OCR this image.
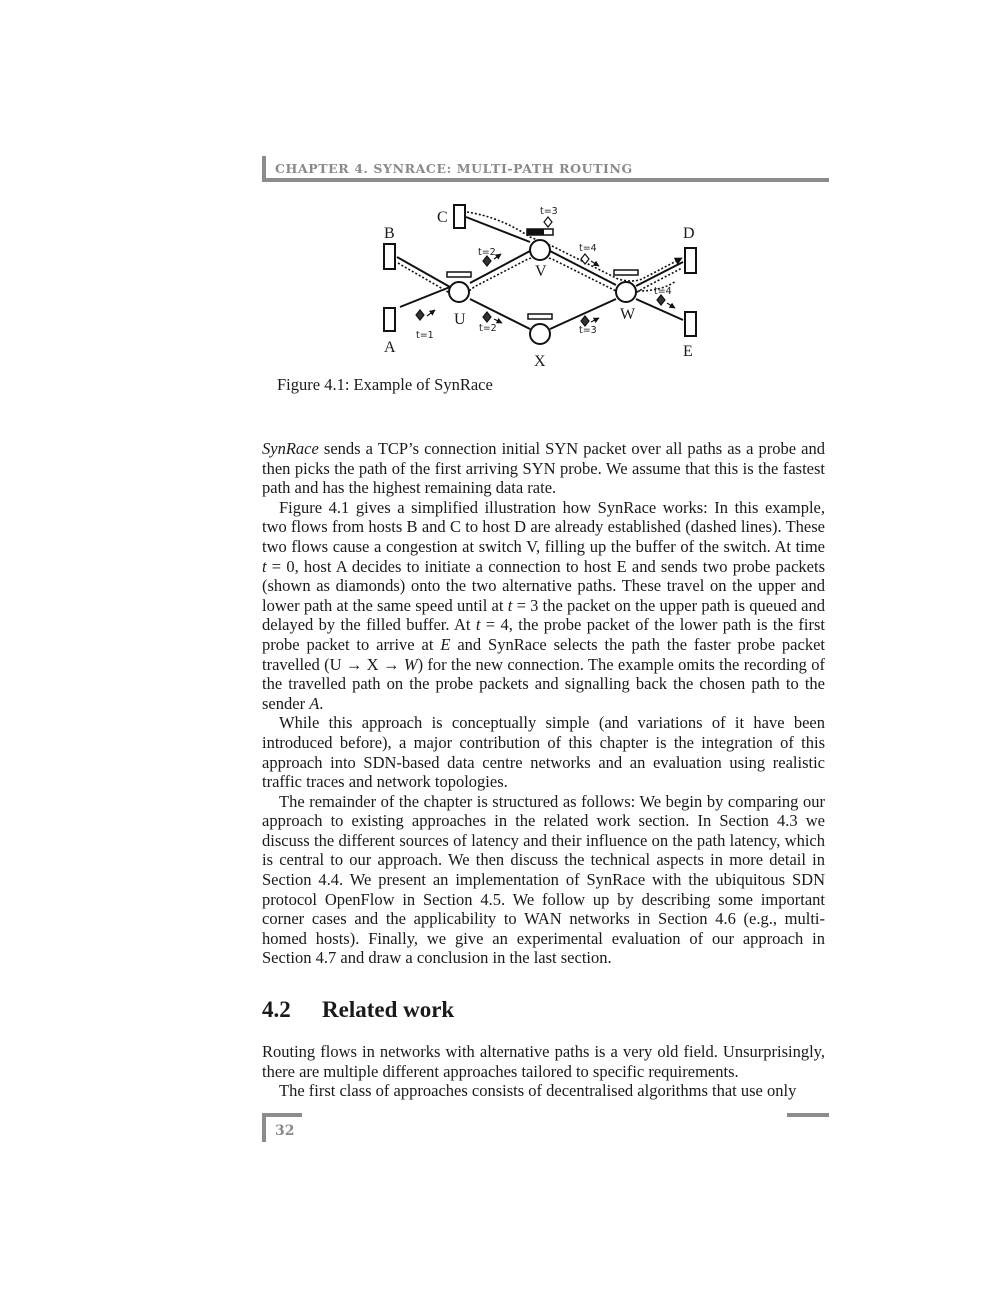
CHAPTER 4. SYNRACE: MULTI-PATH ROUTING
t=1
t=2
t=2
t=3
t=3
t=4
t=4
A
B
C
D
E
U
V
W
X
Figure 4.1: Example of SynRace

SynRace sends a TCP’s connection initial SYN packet over all paths as a probe and then picks the path of the first arriving SYN probe. We assume that this is the fastest path and has the highest remaining data rate.

Figure 4.1 gives a simplified illustration how SynRace works: In this example, two flows from hosts B and C to host D are already established (dashed lines). These two flows cause a congestion at switch V, filling up the buffer of the switch. At time t = 0, host A decides to initiate a connection to host E and sends two probe packets (shown as diamonds) onto the two alternative paths. These travel on the upper and lower path at the same speed until at t = 3 the packet on the upper path is queued and delayed by the filled buffer. At t = 4, the probe packet of the lower path is the first probe packet to arrive at E and SynRace selects the path the faster probe packet travelled (U → X → W) for the new connection. The example omits the recording of the travelled path on the probe packets and signalling back the chosen path to the sender A.

While this approach is conceptually simple (and variations of it have been introduced before), a major contribution of this chapter is the integration of this approach into SDN-based data centre networks and an evaluation using realistic traffic traces and network topologies.

The remainder of the chapter is structured as follows: We begin by comparing our approach to existing approaches in the related work section. In Section 4.3 we discuss the different sources of latency and their influence on the path latency, which is central to our approach. We then discuss the technical aspects in more detail in Section 4.4. We present an implementation of SynRace with the ubiquitous SDN protocol OpenFlow in Section 4.5. We follow up by describing some important corner cases and the applicability to WAN networks in Section 4.6 (e.g., multi-homed hosts). Finally, we give an experimental evaluation of our approach in Section 4.7 and draw a conclusion in the last section.

4.2 Related work

Routing flows in networks with alternative paths is a very old field. Unsurprisingly, there are multiple different approaches tailored to specific requirements.

The first class of approaches consists of decentralised algorithms that use only

32
